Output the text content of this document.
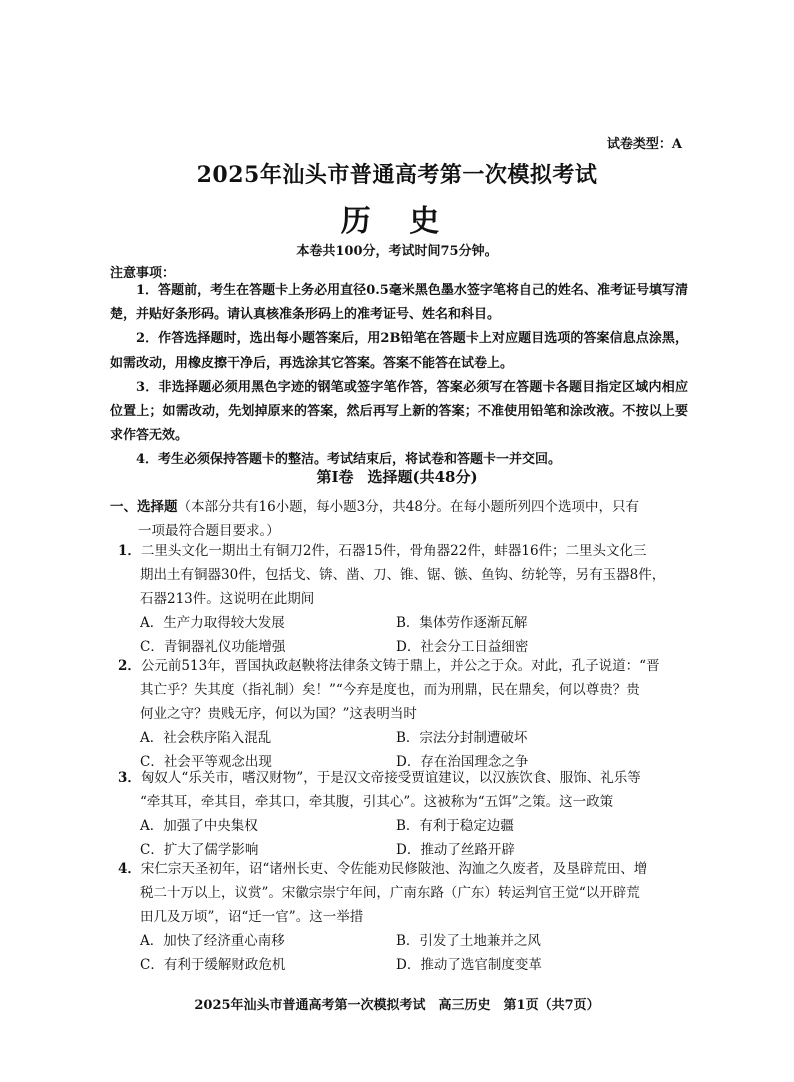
试卷类型：A
2025年汕头市普通高考第一次模拟考试
历 史
本卷共100分，考试时间75分钟。
注意事项：

1．答题前，考生在答题卡上务必用直径0.5毫米黑色墨水签字笔将自己的姓名、准考证号填写清楚，并贴好条形码。请认真核准条形码上的准考证号、姓名和科目。

2．作答选择题时，选出每小题答案后，用2B铅笔在答题卡上对应题目选项的答案信息点涂黑，如需改动，用橡皮擦干净后，再选涂其它答案。答案不能答在试卷上。

3．非选择题必须用黑色字迹的钢笔或签字笔作答，答案必须写在答题卡各题目指定区域内相应位置上；如需改动，先划掉原来的答案，然后再写上新的答案；不准使用铅笔和涂改液。不按以上要求作答无效。

4．考生必须保持答题卡的整洁。考试结束后，将试卷和答题卡一并交回。

第Ⅰ卷 选择题(共48分)
一、选择题（本部分共有16小题，每小题3分，共48分。在每小题所列四个选项中，只有
一项最符合题目要求。）
1．二里头文化一期出土有铜刀2件，石器15件，骨角器22件，蚌器16件；二里头文化三
期出土有铜器30件，包括戈、锛、凿、刀、锥、锯、镞、鱼钩、纺轮等，另有玉器8件，
石器213件。这说明在此期间
A．生产力取得较大发展	B．集体劳作逐渐瓦解
C．青铜器礼仪功能增强	D．社会分工日益细密
2．公元前513年，晋国执政赵鞅将法律条文铸于鼎上，并公之于众。对此，孔子说道：“晋
其亡乎？失其度（指礼制）矣！”“今弃是度也，而为刑鼎，民在鼎矣，何以尊贵？贵
何业之守？贵贱无序，何以为国？”这表明当时
A．社会秩序陷入混乱	B．宗法分封制遭破坏
C．社会平等观念出现	D．存在治国理念之争
3．匈奴人“乐关市，嗜汉财物”，于是汉文帝接受贾谊建议，以汉族饮食、服饰、礼乐等
“牵其耳，牵其目，牵其口，牵其腹，引其心”。这被称为“五饵”之策。这一政策
A．加强了中央集权	B．有利于稳定边疆
C．扩大了儒学影响	D．推动了丝路开辟
4．宋仁宗天圣初年，诏“诸州长吏、令佐能劝民修陂池、沟洫之久废者，及垦辟荒田、增
税二十万以上，议赏”。宋徽宗崇宁年间，广南东路（广东）转运判官王觉“以开辟荒
田几及万顷”，诏“迁一官”。这一举措
A．加快了经济重心南移	B．引发了土地兼并之风
C．有利于缓解财政危机	D．推动了选官制度变革
2025年汕头市普通高考第一次模拟考试　高三历史　第1页（共7页）
